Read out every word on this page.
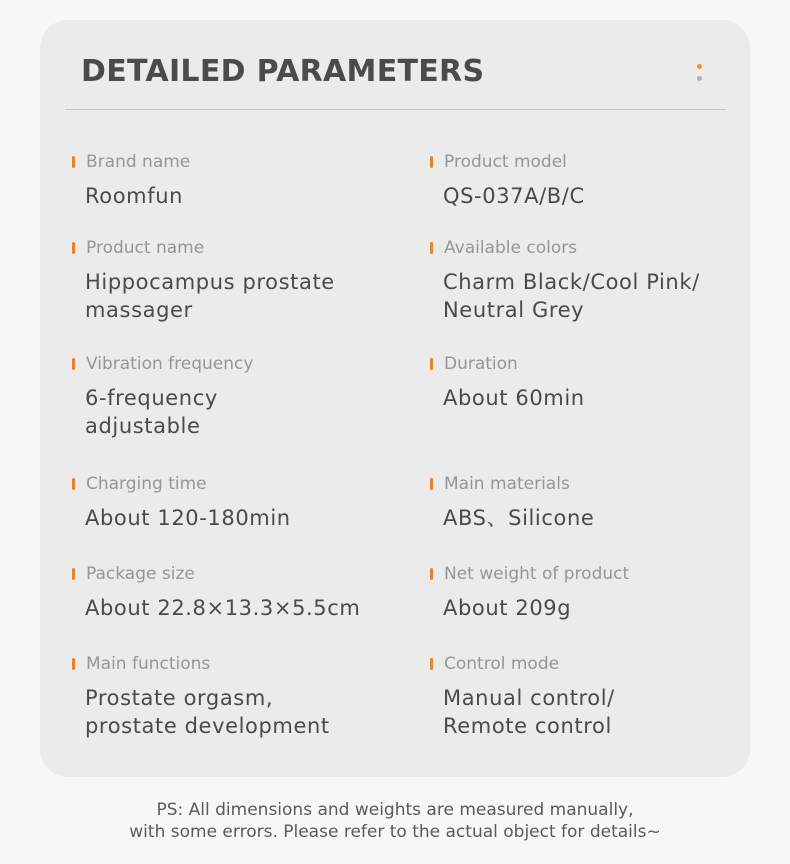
DETAILED PARAMETERS
Brand name
Roomfun
Product model
QS-037A/B/C
Product name
Hippocampus prostate
massager
Available colors
Charm Black/Cool Pink/
Neutral Grey
Vibration frequency
6-frequency
adjustable
Duration
About 60min
Charging time
About 120-180min
Main materials
ABS、Silicone
Package size
About 22.8×13.3×5.5cm
Net weight of product
About 209g
Main functions
Prostate orgasm,
prostate development
Control mode
Manual control/
Remote control
PS: All dimensions and weights are measured manually,
with some errors. Please refer to the actual object for details~
